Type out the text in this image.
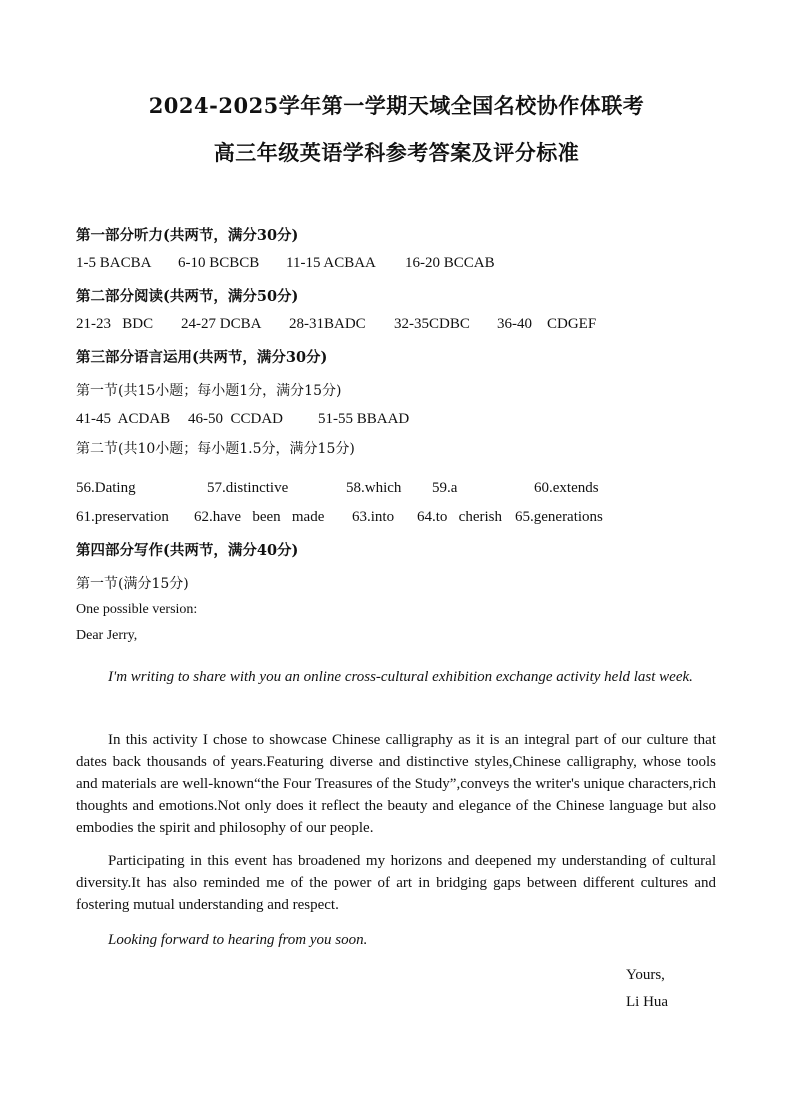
2024-2025学年第一学期天域全国名校协作体联考
高三年级英语学科参考答案及评分标准
第一部分听力(共两节，满分30分)
1-5 BACBA 6-10 BCBCB 11-15 ACBAA 16-20 BCCAB
第二部分阅读(共两节，满分50分)
21-23   BDC 24-27 DCBA 28-31BADC 32-35CDBC 36-40    CDGEF
第三部分语言运用(共两节，满分30分)
第一节(共15小题；每小题1分，满分15分)
41-45  ACDAB 46-50  CCDAD 51-55 BBAAD
第二节(共10小题；每小题1.5分，满分15分)
56.Dating	57.distinctive	58.which 59.a	60.extends
61.preservation 62.have   been   made 63.into 64.to   cherish 65.generations
第四部分写作(共两节，满分40分)
第一节(满分15分)
One possible version:
Dear Jerry,
I'm writing to share with you an online cross-cultural exhibition exchange activity held last week.
In this activity I chose to showcase Chinese calligraphy as it is an integral part of our culture that dates back thousands of years.Featuring diverse and distinctive styles,Chinese calligraphy, whose tools and materials are well-known“the Four Treasures of the Study”,conveys the writer's unique characters,rich thoughts and emotions.Not only does it reflect the beauty and elegance of the Chinese language but also embodies the spirit and philosophy of our people.
Participating in this event has broadened my horizons and deepened my understanding of cultural diversity.It has also reminded me of the power of art in bridging gaps between different cultures and fostering mutual understanding and respect.
Looking forward to hearing from you soon.
Yours,
Li Hua
